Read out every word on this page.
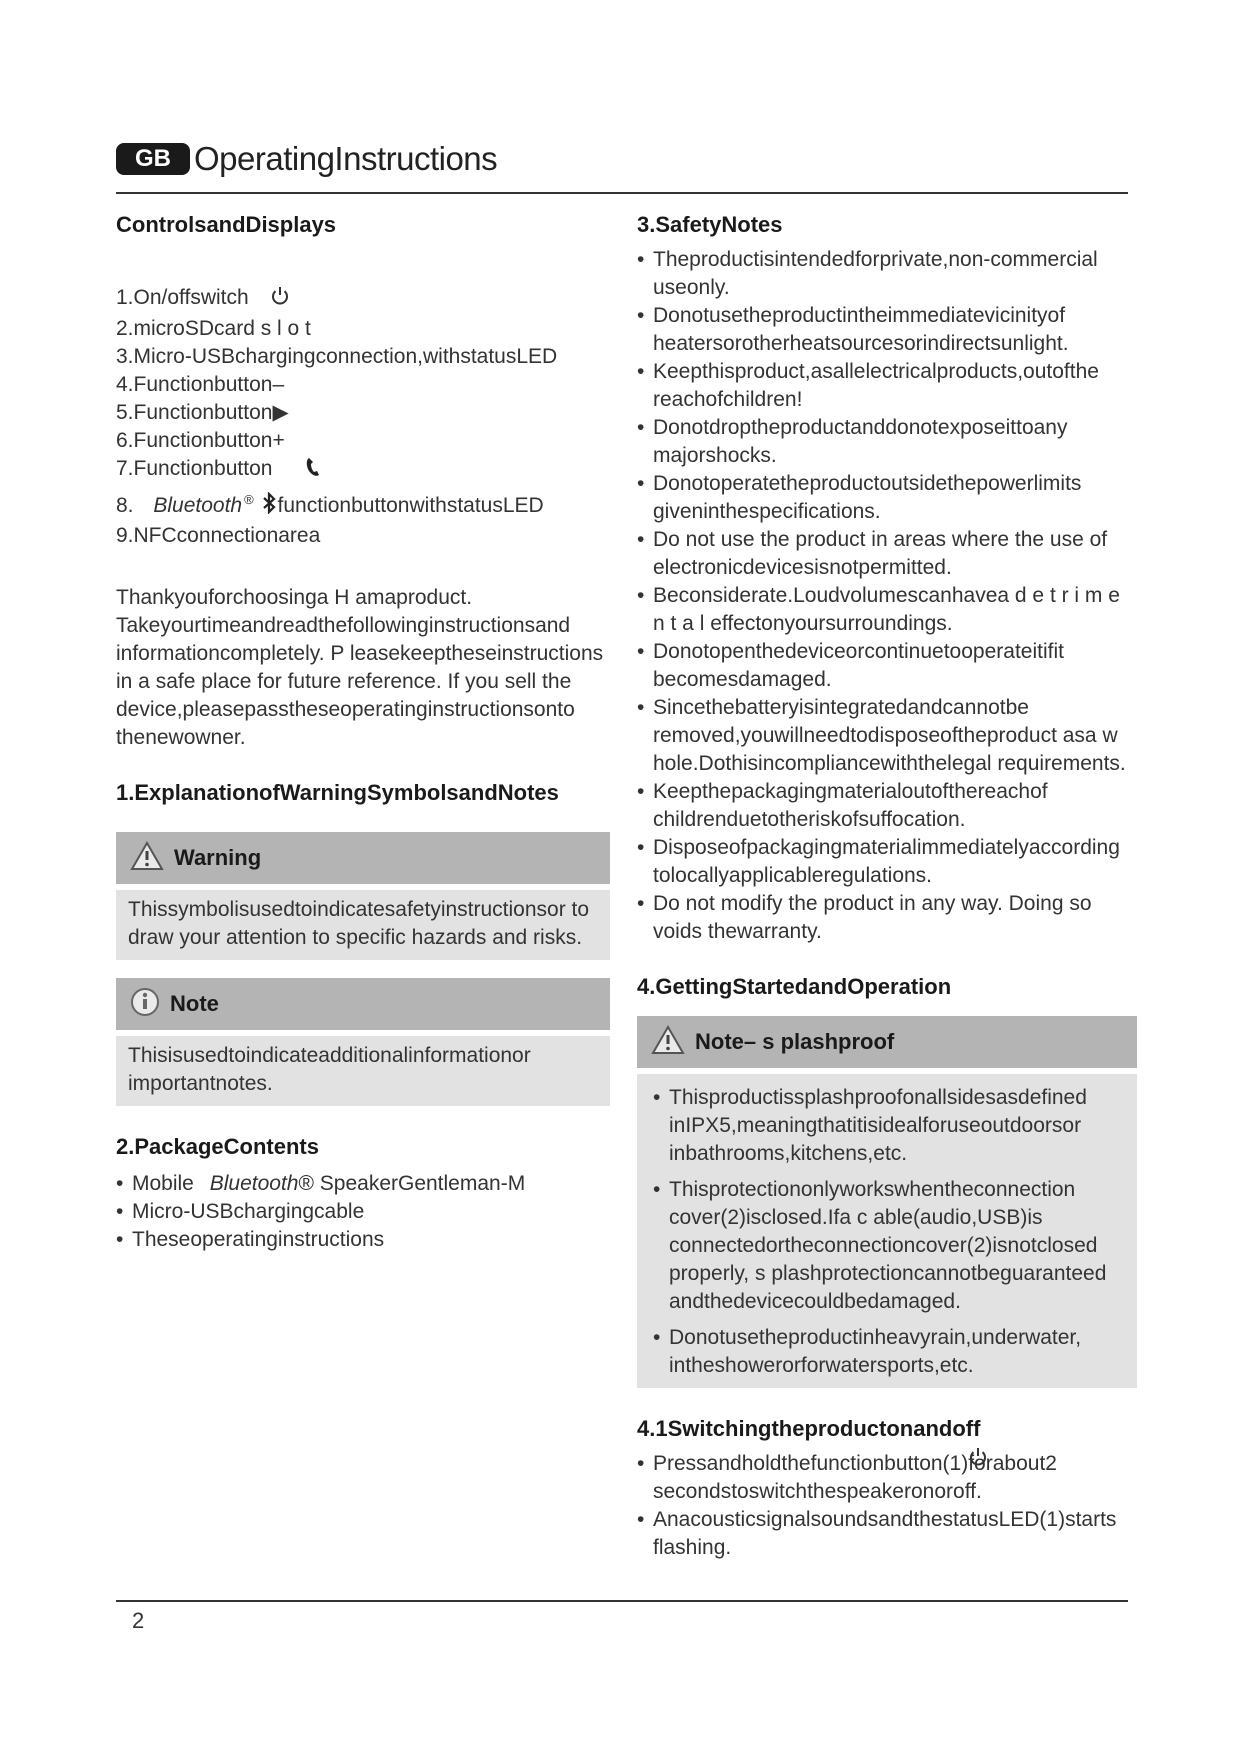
GB OperatingInstructions
ControlsandDisplays
1.On/offswitch
2.microSDcard s l o t
3.Micro-USBchargingconnection,withstatusLED
4.Functionbutton–
5.Functionbutton▶
6.Functionbutton+
7.Functionbutton
8. Bluetooth ® functionbuttonwithstatusLED
9.NFCconnectionarea

Thankyouforchoosinga H amaproduct. Takeyourtimeandreadthefollowinginstructionsand informationcompletely. P leasekeeptheseinstructions in a safe place for future reference. If you sell the device,pleasepasstheseoperatinginstructionsonto thenewowner.

1.ExplanationofWarningSymbolsandNotes
Warning
Thissymbolisusedtoindicatesafetyinstructionsor to draw your attention to specific hazards and risks.
Note
Thisisusedtoindicateadditionalinformationor importantnotes.
2.PackageContents
• Mobile Bluetooth® SpeakerGentleman-M
• Micro-USBchargingcable
• Theseoperatinginstructions
3.SafetyNotes
• Theproductisintendedforprivate,non-commercial useonly.
• Donotusetheproductintheimmediatevicinityof heatersorotherheatsourcesorindirectsunlight.
• Keepthisproduct,asallelectricalproducts,outofthe reachofchildren!
• Donotdroptheproductanddonotexposeittoany majorshocks.
• Donotoperatetheproductoutsidethepowerlimits giveninthespecifications.
• Do not use the product in areas where the use of electronicdevicesisnotpermitted.
• Beconsiderate.Loudvolumescanhavea d e t r i m e n t a l effectonyoursurroundings.
• Donotopenthedeviceorcontinuetooperateitifit becomesdamaged.
• Sincethebatteryisintegratedandcannotbe removed,youwillneedtodisposeoftheproduct asa w hole.Dothisincompliancewiththelegal requirements.
• Keepthepackagingmaterialoutofthereachof childrenduetotheriskofsuffocation.
• Disposeofpackagingmaterialimmediatelyaccording tolocallyapplicableregulations.
• Do not modify the product in any way. Doing so voids thewarranty.
4.GettingStartedandOperation
Note– s plashproof
• Thisproductissplashproofonallsidesasdefined inIPX5,meaningthatitisidealforuseoutdoorsor inbathrooms,kitchens,etc.
• Thisprotectiononlyworkswhentheconnection cover(2)isclosed.Ifa c able(audio,USB)is connectedortheconnectioncover(2)isnotclosed properly, s plashprotectioncannotbeguaranteed andthedevicecouldbedamaged.
• Donotusetheproductinheavyrain,underwater, intheshowerorforwatersports,etc.
4.1Switchingtheproductonandoff
• Pressandholdthefunctionbutton(1)forabout2 secondstoswitchthespeakeronoroff.
• AnacousticsignalsoundsandthestatusLED(1)starts flashing.
2
